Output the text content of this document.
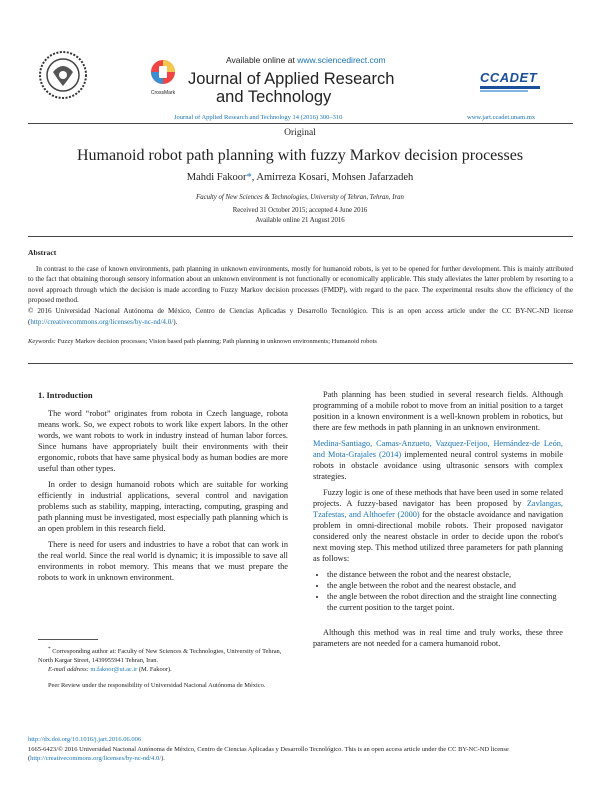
Available online at www.sciencedirect.com
CrossMark
Journal of Applied Research
and Technology
CCADET
Journal of Applied Research and Technology 14 (2016) 300–310	www.jart.ccadet.unam.mx
Original
Humanoid robot path planning with fuzzy Markov decision processes
Mahdi Fakoor*, Amirreza Kosari, Mohsen Jafarzadeh
Faculty of New Sciences & Technologies, University of Tehran, Tehran, Iran
Received 31 October 2015; accepted 4 June 2016
Available online 21 August 2016
Abstract
In contrast to the case of known environments, path planning in unknown environments, mostly for humanoid robots, is yet to be opened for further development. This is mainly attributed to the fact that obtaining thorough sensory information about an unknown environment is not functionally or economically applicable. This study alleviates the latter problem by resorting to a novel approach through which the decision is made according to Fuzzy Markov decision processes (FMDP), with regard to the pace. The experimental results show the efficiency of the proposed method.
© 2016 Universidad Nacional Autónoma de México, Centro de Ciencias Aplicadas y Desarrollo Tecnológico. This is an open access article under the CC BY-NC-ND license (http://creativecommons.org/licenses/by-nc-nd/4.0/).
Keywords: Fuzzy Markov decision processes; Vision based path planning; Path planning in unknown environments; Humanoid robots
1. Introduction

The word “robot” originates from robota in Czech language, robota means work. So, we expect robots to work like expert labors. In the other words, we want robots to work in industry instead of human labor forces. Since humans have appropriately built their environments with their ergonomic, robots that have same physical body as human bodies are more useful than other types.

In order to design humanoid robots which are suitable for working efficiently in industrial applications, several control and navigation problems such as stability, mapping, interacting, computing, grasping and path planning must be investigated, most especially path planning which is an open problem in this research field.

There is need for users and industries to have a robot that can work in the real world. Since the real world is dynamic; it is impossible to save all environments in robot memory. This means that we must prepare the robots to work in unknown environment.

* Corresponding author at: Faculty of New Sciences & Technologies, University of Tehran, North Kargar Street, 1439955941 Tehran, Iran.
E-mail address: m.fakoor@ut.ac.ir (M. Fakoor).
Peer Review under the responsibility of Universidad Nacional Autónoma de México.

Path planning has been studied in several research fields. Although programming of a mobile robot to move from an initial position to a target position in a known environment is a well-known problem in robotics, but there are few methods in path planning in an unknown environment.

Medina-Santiago, Camas-Anzueto, Vazquez-Feijoo, Hernández-de León, and Mota-Grajales (2014) implemented neural control systems in mobile robots in obstacle avoidance using ultrasonic sensors with complex strategies.

Fuzzy logic is one of these methods that have been used in some related projects. A fuzzy-based navigator has been proposed by Zavlangas, Tzafestas, and Althoefer (2000) for the obstacle avoidance and navigation problem in omni-directional mobile robots. Their proposed navigator considered only the nearest obstacle in order to decide upon the robot's next moving step. This method utilized three parameters for path planning as follows:

• the distance between the robot and the nearest obstacle,
• the angle between the robot and the nearest obstacle, and
• the angle between the robot direction and the straight line connecting the current position to the target point.

Although this method was in real time and truly works, these three parameters are not needed for a camera humanoid robot.

http://dx.doi.org/10.1016/j.jart.2016.06.006
1665-6423/© 2016 Universidad Nacional Autónoma de México, Centro de Ciencias Aplicadas y Desarrollo Tecnológico. This is an open access article under the CC BY-NC-ND license (http://creativecommons.org/licenses/by-nc-nd/4.0/).
